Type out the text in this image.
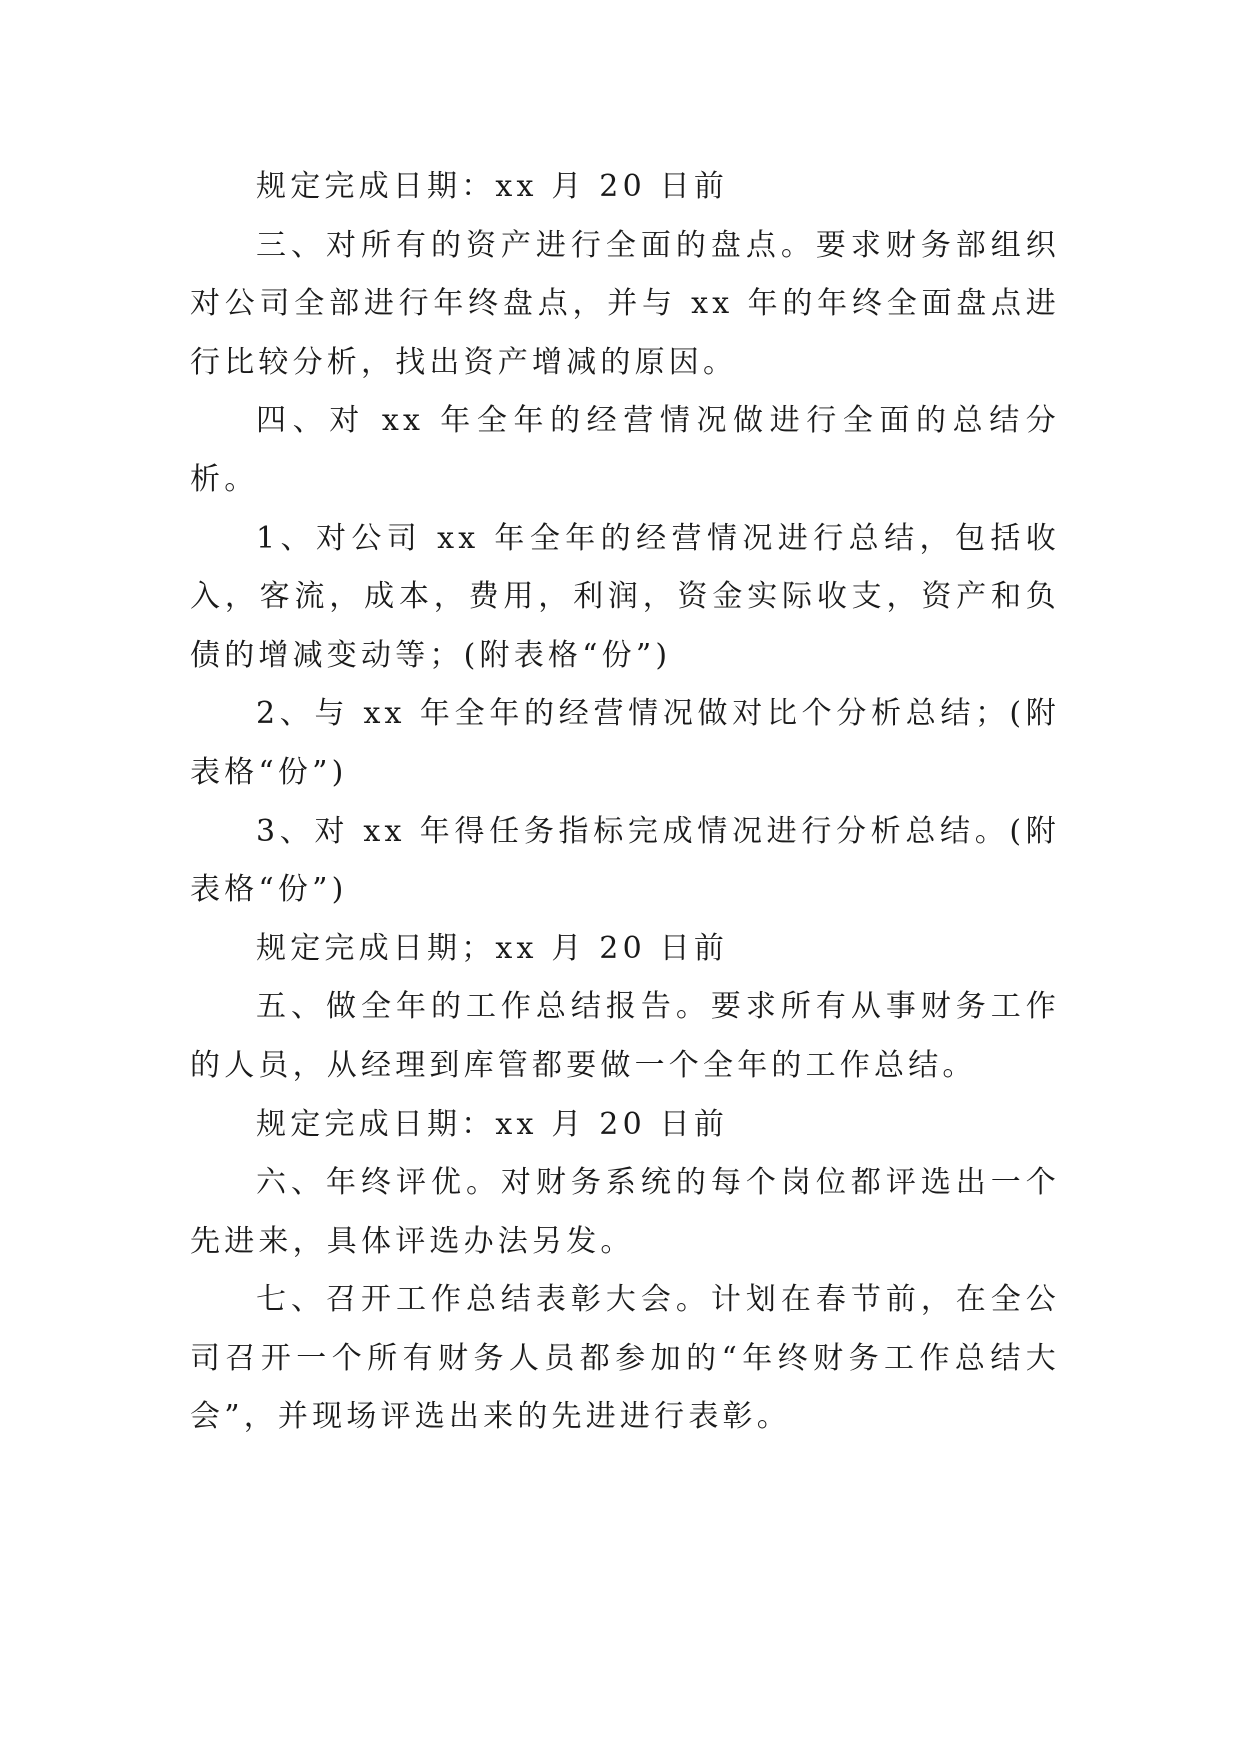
规定完成日期：xx 月 20 日前

三、对所有的资产进行全面的盘点。要求财务部组织对公司全部进行年终盘点，并与 xx 年的年终全面盘点进行比较分析，找出资产增减的原因。

四、对 xx 年全年的经营情况做进行全面的总结分析。

1、对公司 xx 年全年的经营情况进行总结，包括收入，客流，成本，费用，利润，资金实际收支，资产和负债的增减变动等；(附表格“份”)

2、与 xx 年全年的经营情况做对比个分析总结；(附表格“份”)

3、对 xx 年得任务指标完成情况进行分析总结。(附表格“份”)

规定完成日期；xx 月 20 日前

五、做全年的工作总结报告。要求所有从事财务工作的人员，从经理到库管都要做一个全年的工作总结。

规定完成日期：xx 月 20 日前

六、年终评优。对财务系统的每个岗位都评选出一个先进来，具体评选办法另发。

七、召开工作总结表彰大会。计划在春节前，在全公司召开一个所有财务人员都参加的“年终财务工作总结大会”，并现场评选出来的先进进行表彰。
